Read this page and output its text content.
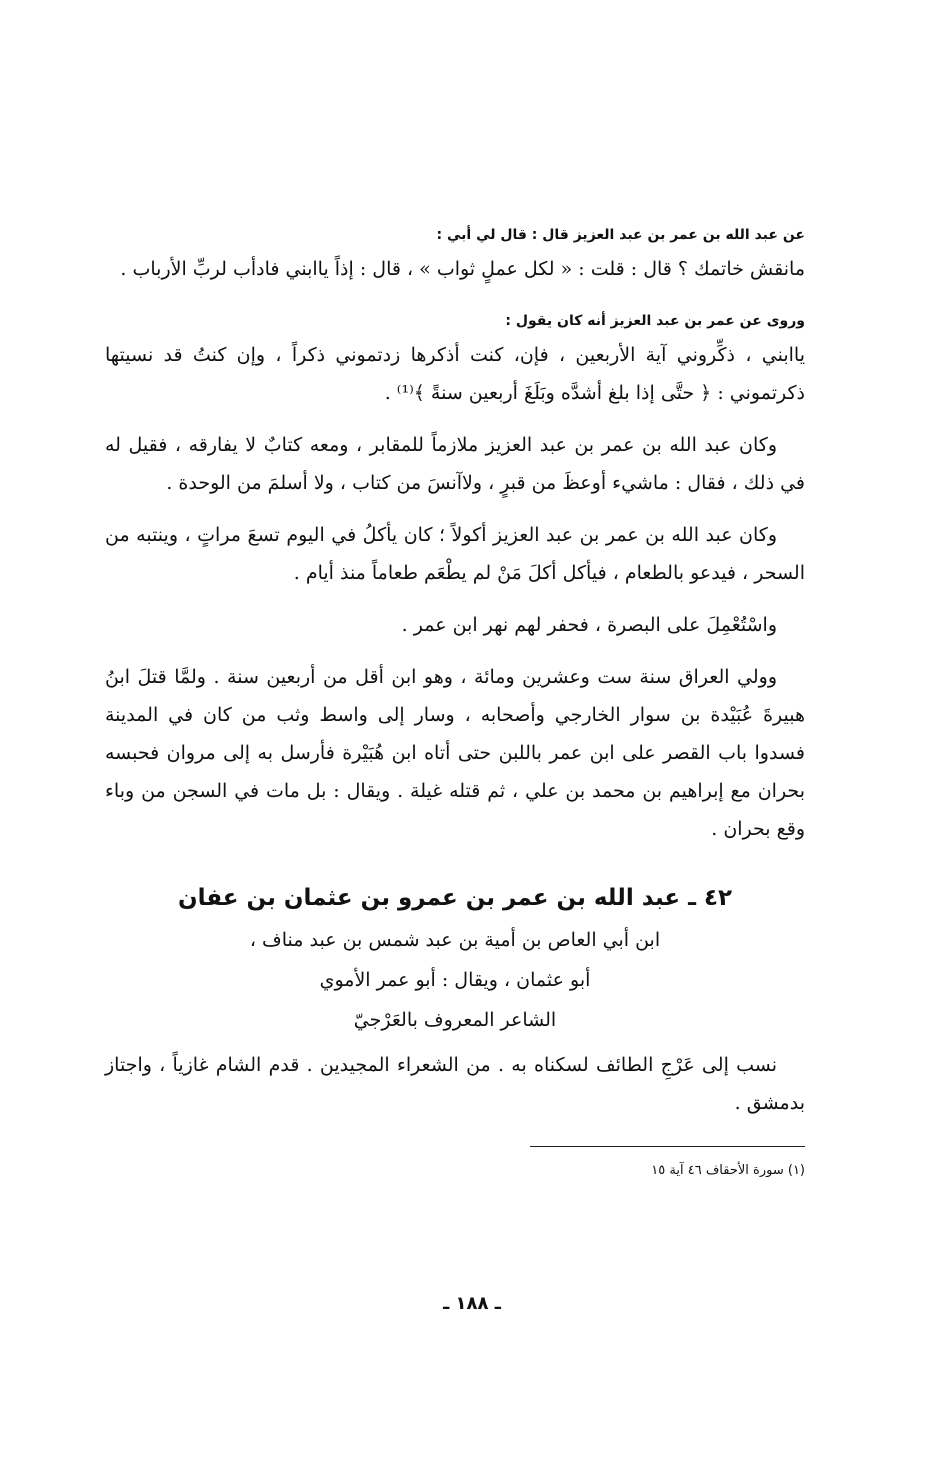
عن عبد الله بن عمر بن عبد العزيز قال : قال لي أبي :

مانقش خاتمك ؟ قال : قلت : « لكل عملٍ ثواب » ، قال : إذاً ياابني فادأب لربِّ الأرباب .

وروى عن عمر بن عبد العزيز أنه كان يقول :

ياابني ، ذكِّروني آية الأربعين ، فإن، كنت أذكرها زدتموني ذكراً ، وإن كنتُ قد نسيتها ذكرتموني : ﴿ حتَّى إذا بلغ أشدَّه وبَلَغَ أربعين سنةً ﴾⁽¹⁾ .

وكان عبد الله بن عمر بن عبد العزيز ملازماً للمقابر ، ومعه كتابٌ لا يفارقه ، فقيل له في ذلك ، فقال : ماشيء أوعظَ من قبرٍ ، ولاآنسَ من كتاب ، ولا أسلمَ من الوحدة .

وكان عبد الله بن عمر بن عبد العزيز أكولاً ؛ كان يأكلُ في اليوم تسعَ مراتٍ ، وينتبه من السحر ، فيدعو بالطعام ، فيأكل أكلَ مَنْ لم يطْعَم طعاماً منذ أيام .

واسْتُعْمِلَ على البصرة ، فحفر لهم نهر ابن عمر .

وولي العراق سنة ست وعشرين ومائة ، وهو ابن أقل من أربعين سنة . ولمَّا قتلَ ابنُ هبيرةَ عُبَيْدة بن سوار الخارجي وأصحابه ، وسار إلى واسط وثب من كان في المدينة فسدوا باب القصر على ابن عمر باللبن حتى أتاه ابن هُبَيْرة فأرسل به إلى مروان فحبسه بحران مع إبراهيم بن محمد بن علي ، ثم قتله غيلة . ويقال : بل مات في السجن من وباء وقع بحران .

٤٢ ـ عبد الله بن عمر بن عمرو بن عثمان بن عفان
ابن أبي العاص بن أمية بن عبد شمس بن عبد مناف ،
أبو عثمان ، ويقال : أبو عمر الأموي
الشاعر المعروف بالعَرْجيّ

نسب إلى عَرْجِ الطائف لسكناه به . من الشعراء المجيدين . قدم الشام غازياً ، واجتاز بدمشق .

(١) سورة الأحقاف ٤٦ آية ١٥
ـ ١٨٨ ـ
